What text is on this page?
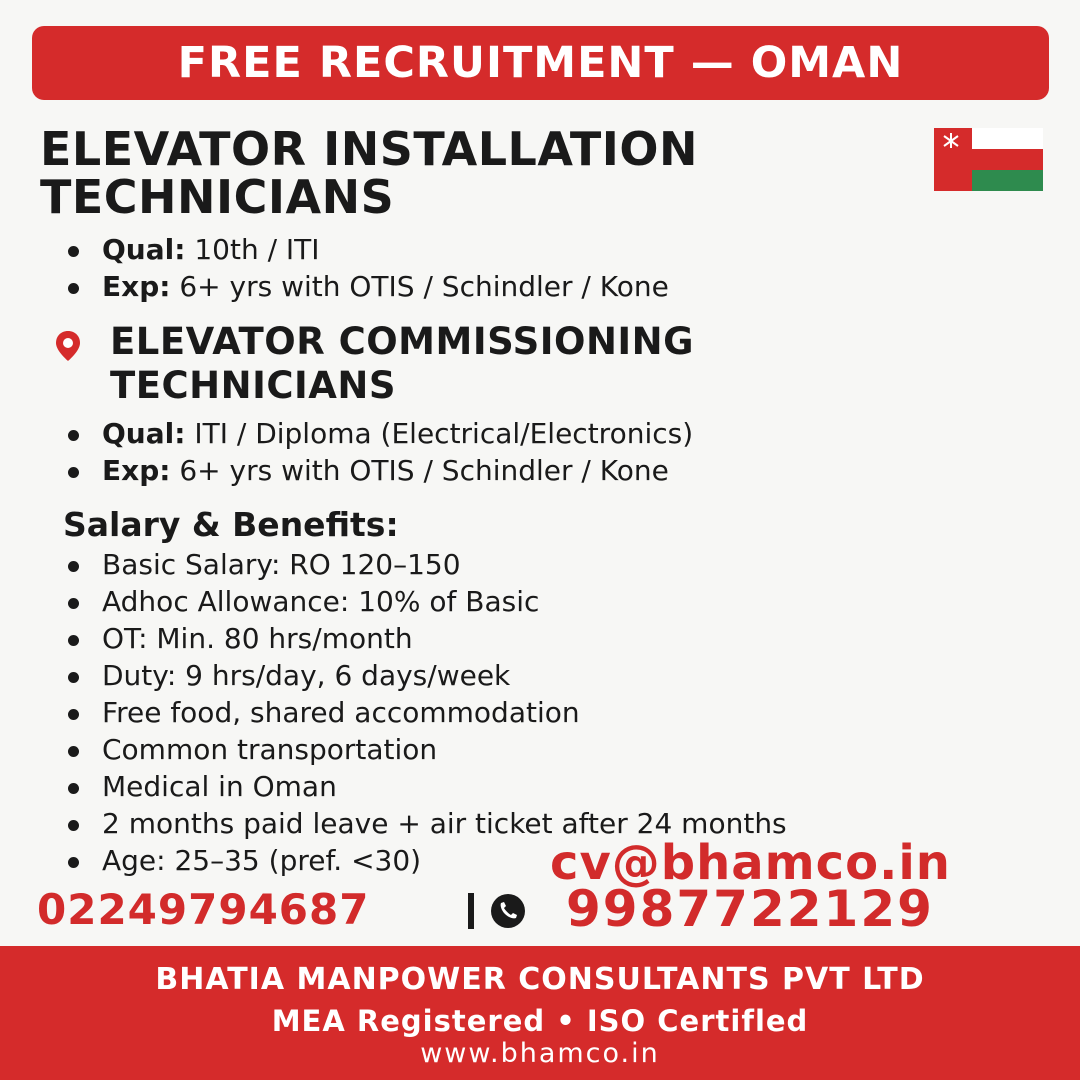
FREE RECRUITMENT — OMAN
ELEVATOR INSTALLATION
TECHNICIANS
Qual: 10th / ITI
Exp: 6+ yrs with OTIS / Schindler / Kone
ELEVATOR COMMISSIONING
TECHNICIANS
Qual: ITI / Diploma (Electrical/Electronics)
Exp: 6+ yrs with OTIS / Schindler / Kone
Salary & Benefits:
Basic Salary: RO 120–150
Adhoc Allowance: 10% of Basic
OT: Min. 80 hrs/month
Duty: 9 hrs/day, 6 days/week
Free food, shared accommodation
Common transportation
Medical in Oman
2 months paid leave + air ticket after 24 months
Age: 25–35 (pref. <30)	cv@bhamco.in
02249794687	9987722129
BHATIA MANPOWER CONSULTANTS PVT LTD
MEA Registered • ISO Certifled
www.bhamco.in
